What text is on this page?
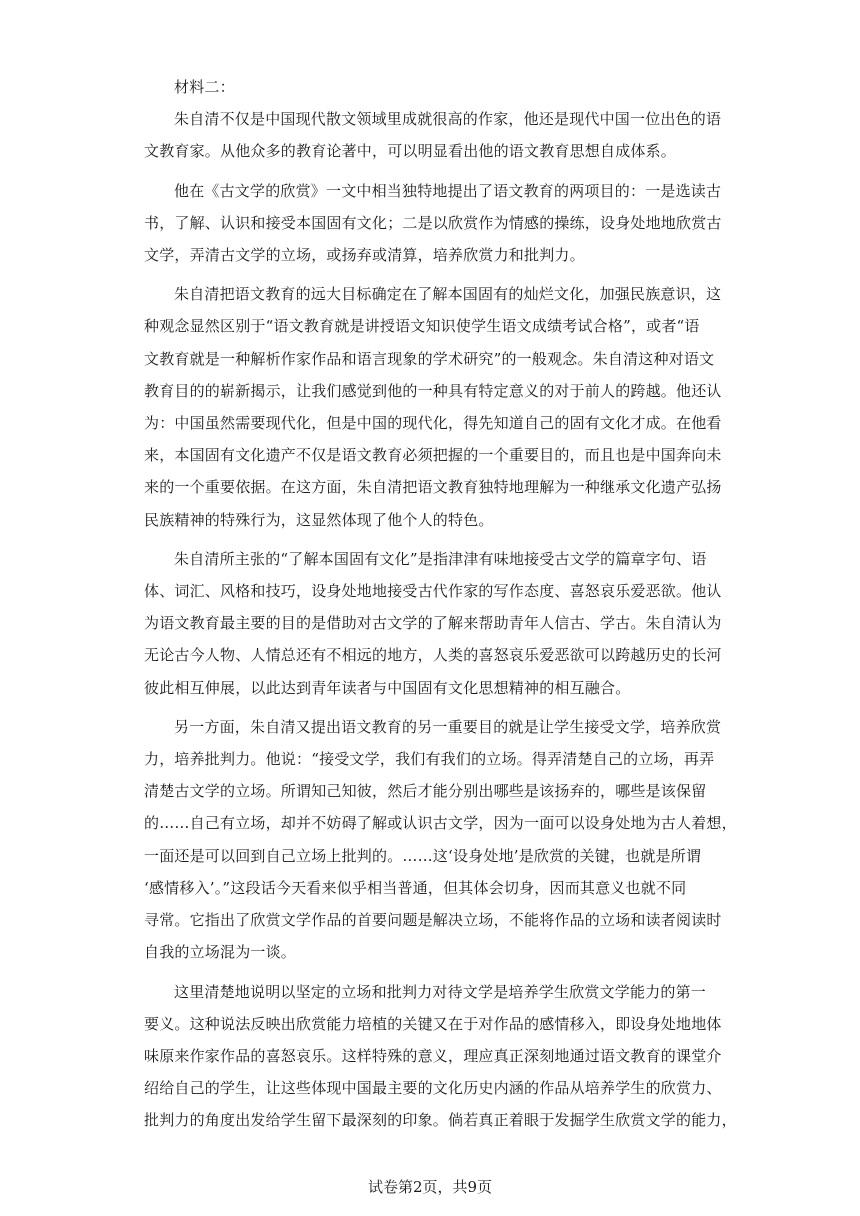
材料二：
朱自清不仅是中国现代散文领域里成就很高的作家，他还是现代中国一位出色的语
文教育家。从他众多的教育论著中，可以明显看出他的语文教育思想自成体系。
他在《古文学的欣赏》一文中相当独特地提出了语文教育的两项目的：一是选读古
书，了解、认识和接受本国固有文化；二是以欣赏作为情感的操练，设身处地地欣赏古
文学，弄清古文学的立场，或扬弃或清算，培养欣赏力和批判力。
朱自清把语文教育的远大目标确定在了解本国固有的灿烂文化，加强民族意识，这
种观念显然区别于“语文教育就是讲授语文知识使学生语文成绩考试合格”，或者“语
文教育就是一种解析作家作品和语言现象的学术研究”的一般观念。朱自清这种对语文
教育目的的崭新揭示，让我们感觉到他的一种具有特定意义的对于前人的跨越。他还认
为：中国虽然需要现代化，但是中国的现代化，得先知道自己的固有文化才成。在他看
来，本国固有文化遗产不仅是语文教育必须把握的一个重要目的，而且也是中国奔向未
来的一个重要依据。在这方面，朱自清把语文教育独特地理解为一种继承文化遗产弘扬
民族精神的特殊行为，这显然体现了他个人的特色。
朱自清所主张的“了解本国固有文化”是指津津有味地接受古文学的篇章字句、语
体、词汇、风格和技巧，设身处地地接受古代作家的写作态度、喜怒哀乐爱恶欲。他认
为语文教育最主要的目的是借助对古文学的了解来帮助青年人信古、学古。朱自清认为
无论古今人物、人情总还有不相远的地方，人类的喜怒哀乐爱恶欲可以跨越历史的长河
彼此相互伸展，以此达到青年读者与中国固有文化思想精神的相互融合。
另一方面，朱自清又提出语文教育的另一重要目的就是让学生接受文学，培养欣赏
力，培养批判力。他说：“接受文学，我们有我们的立场。得弄清楚自己的立场，再弄
清楚古文学的立场。所谓知己知彼，然后才能分别出哪些是该扬弃的，哪些是该保留
的……自己有立场，却并不妨碍了解或认识古文学，因为一面可以设身处地为古人着想，
一面还是可以回到自己立场上批判的。……这‘设身处地’是欣赏的关键，也就是所谓
‘感情移入’。”这段话今天看来似乎相当普通，但其体会切身，因而其意义也就不同
寻常。它指出了欣赏文学作品的首要问题是解决立场，不能将作品的立场和读者阅读时
自我的立场混为一谈。
这里清楚地说明以坚定的立场和批判力对待文学是培养学生欣赏文学能力的第一
要义。这种说法反映出欣赏能力培植的关键又在于对作品的感情移入，即设身处地地体
味原来作家作品的喜怒哀乐。这样特殊的意义，理应真正深刻地通过语文教育的课堂介
绍给自己的学生，让这些体现中国最主要的文化历史内涵的作品从培养学生的欣赏力、
批判力的角度出发给学生留下最深刻的印象。倘若真正着眼于发掘学生欣赏文学的能力，
试卷第2页，共9页
